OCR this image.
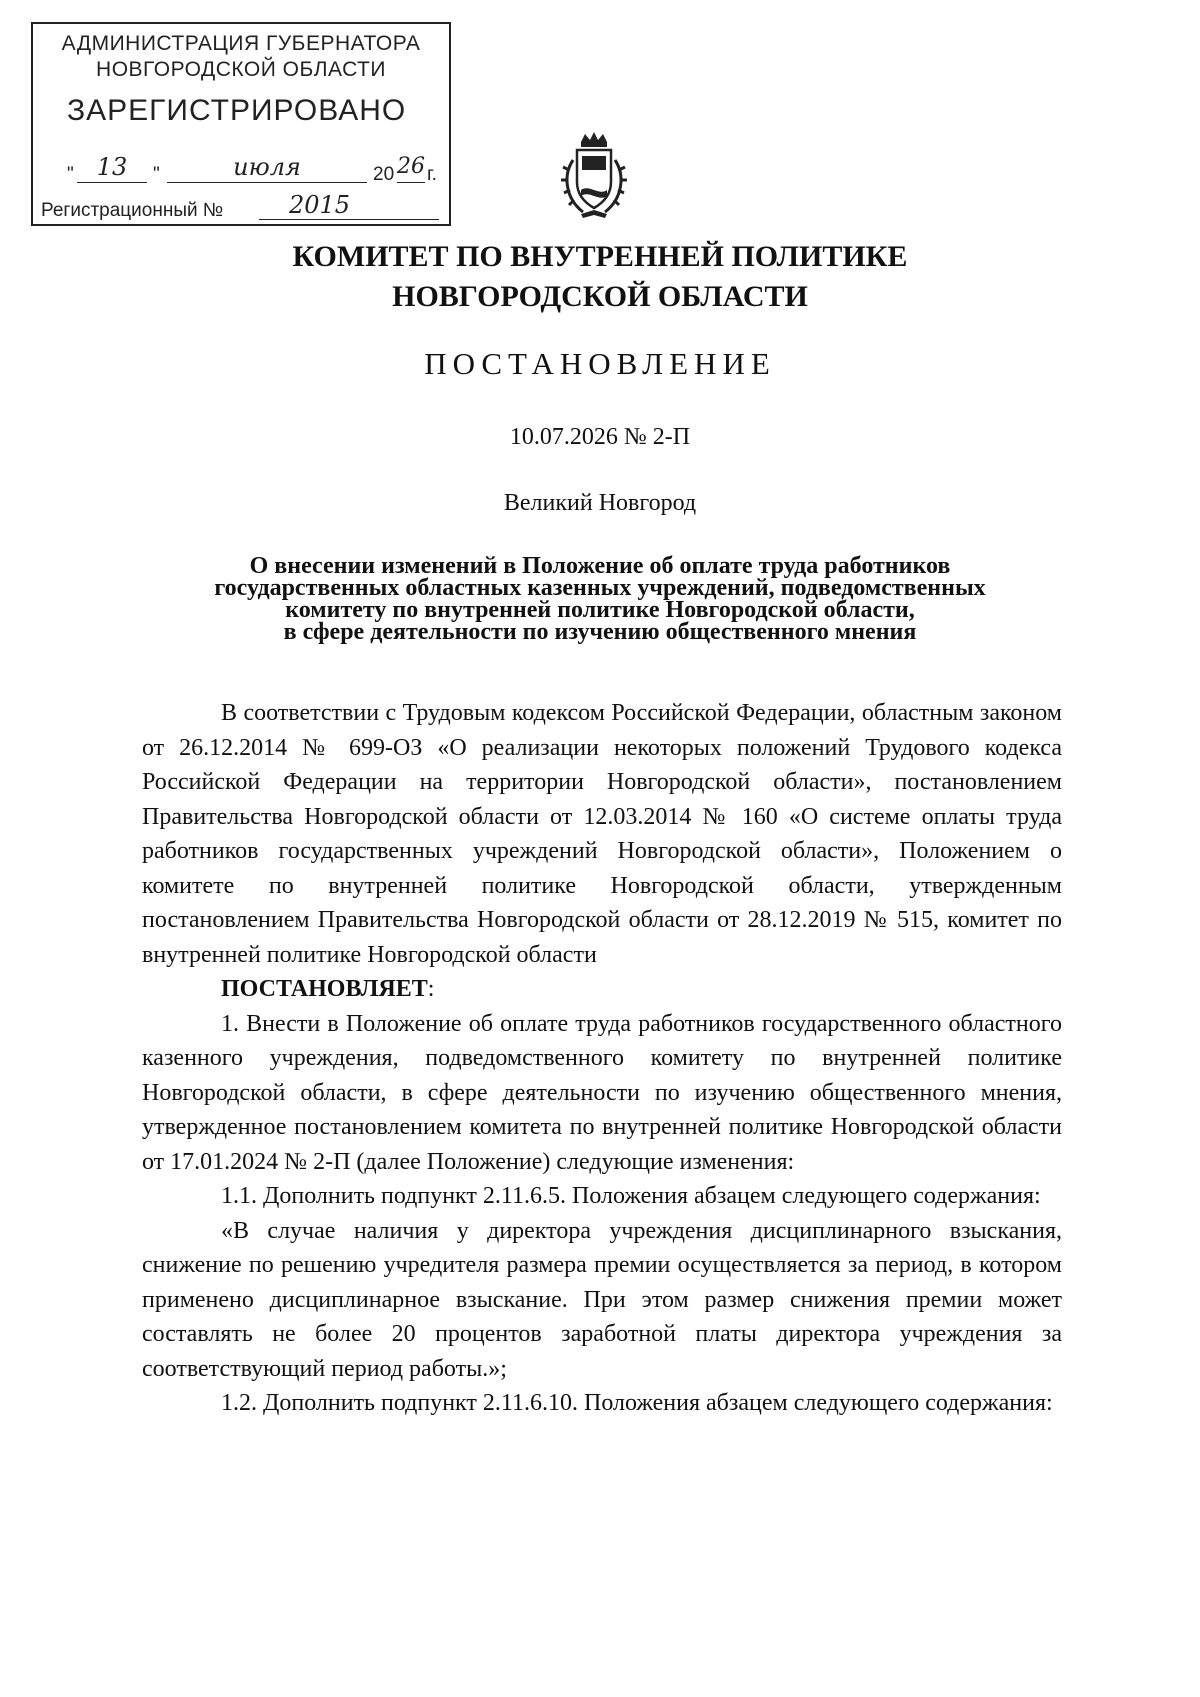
АДМИНИСТРАЦИЯ ГУБЕРНАТОРА
НОВГОРОДСКОЙ ОБЛАСТИ
ЗАРЕГИСТРИРОВАНО
" 13	"	июля	20 26 г.
Регистрационный №	2015
КОМИТЕТ ПО ВНУТРЕННЕЙ ПОЛИТИКЕ
НОВГОРОДСКОЙ ОБЛАСТИ
ПОСТАНОВЛЕНИЕ
10.07.2026 № 2-П
Великий Новгород
О внесении изменений в Положение об оплате труда работников
государственных областных казенных учреждений, подведомственных
комитету по внутренней политике Новгородской области,
в сфере деятельности по изучению общественного мнения

В соответствии с Трудовым кодексом Российской Федерации, областным законом от 26.12.2014 № 699-ОЗ «О реализации некоторых положений Трудового кодекса Российской Федерации на территории Новгородской области», постановлением Правительства Новгородской области от 12.03.2014 № 160 «О системе оплаты труда работников государственных учреждений Новгородской области», Положением о комитете по внутренней политике Новгородской области, утвержденным постановлением Правительства Новгородской области от 28.12.2019 № 515, комитет по внутренней политике Новгородской области

ПОСТАНОВЛЯЕТ:

1. Внести в Положение об оплате труда работников государственного областного казенного учреждения, подведомственного комитету по внутренней политике Новгородской области, в сфере деятельности по изучению общественного мнения, утвержденное постановлением комитета по внутренней политике Новгородской области от 17.01.2024 № 2-П (далее Положение) следующие изменения:

1.1. Дополнить подпункт 2.11.6.5. Положения абзацем следующего содержания:

«В случае наличия у директора учреждения дисциплинарного взыскания, снижение по решению учредителя размера премии осуществляется за период, в котором применено дисциплинарное взыскание. При этом размер снижения премии может составлять не более 20 процентов заработной платы директора учреждения за соответствующий период работы.»;

1.2. Дополнить подпункт 2.11.6.10. Положения абзацем следующего содержания:
